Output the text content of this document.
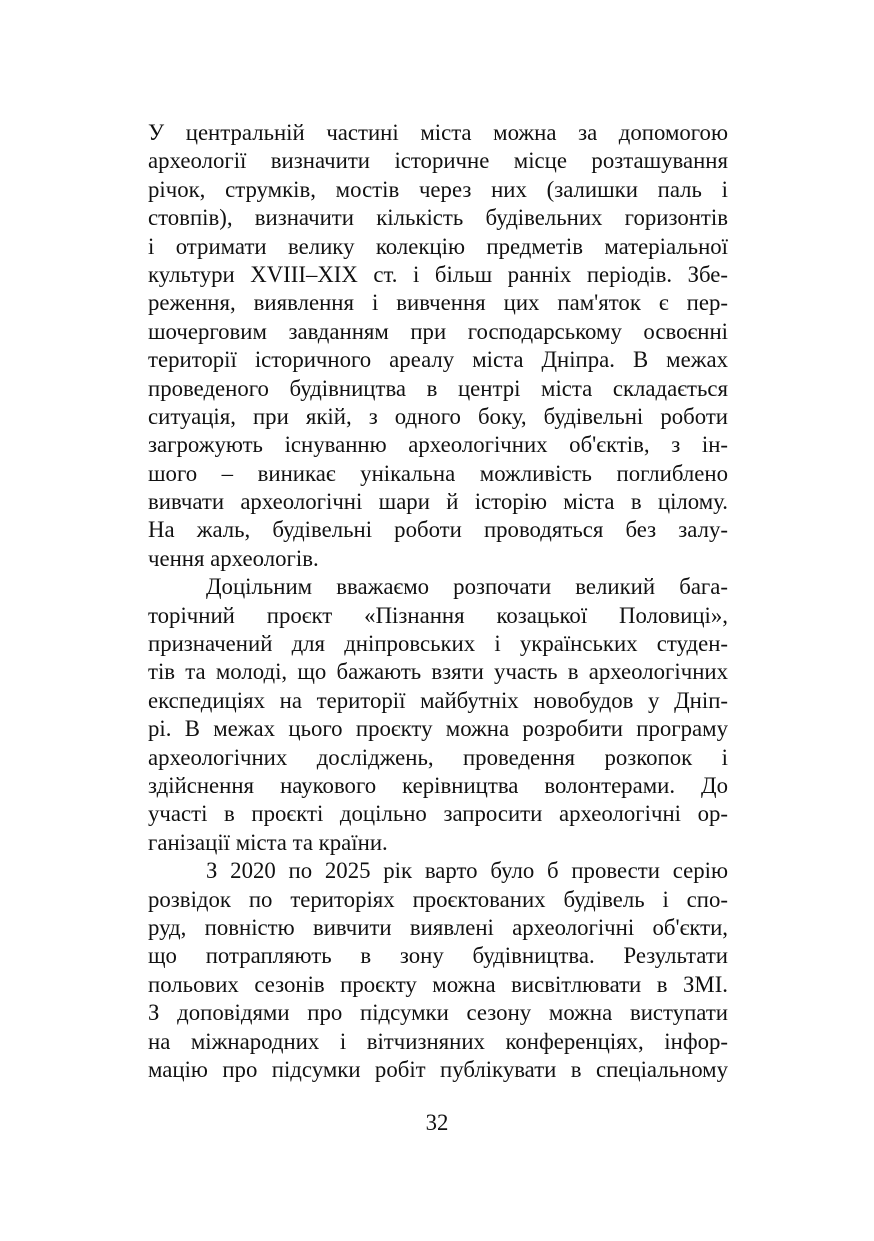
У центральній частині міста можна за допомогою
археології визначити історичне місце розташування
річок, струмків, мостів через них (залишки паль і
стовпів), визначити кількість будівельних горизонтів
і отримати велику колекцію предметів матеріальної
культури XVIII–XIX ст. і більш ранніх періодів. Збе-
реження, виявлення і вивчення цих пам'яток є пер-
шочерговим завданням при господарському освоєнні
території історичного ареалу міста Дніпра. В межах
проведеного будівництва в центрі міста складається
ситуація, при якій, з одного боку, будівельні роботи
загрожують існуванню археологічних об'єктів, з ін-
шого – виникає унікальна можливість поглиблено
вивчати археологічні шари й історію міста в цілому.
На жаль, будівельні роботи проводяться без залу-
чення археологів.
Доцільним вважаємо розпочати великий бага-
торічний проєкт «Пізнання козацької Половиці»,
призначений для дніпровських і українських студен-
тів та молоді, що бажають взяти участь в археологічних
експедиціях на території майбутніх новобудов у Дніп-
рі. В межах цього проєкту можна розробити програму
археологічних досліджень, проведення розкопок і
здійснення наукового керівництва волонтерами. До
участі в проєкті доцільно запросити археологічні ор-
ганізації міста та країни.
З 2020 по 2025 рік варто було б провести серію
розвідок по територіях проєктованих будівель і спо-
руд, повністю вивчити виявлені археологічні об'єкти,
що потрапляють в зону будівництва. Результати
польових сезонів проєкту можна висвітлювати в ЗМІ.
З доповідями про підсумки сезону можна виступати
на міжнародних і вітчизняних конференціях, інфор-
мацію про підсумки робіт публікувати в спеціальному
32
